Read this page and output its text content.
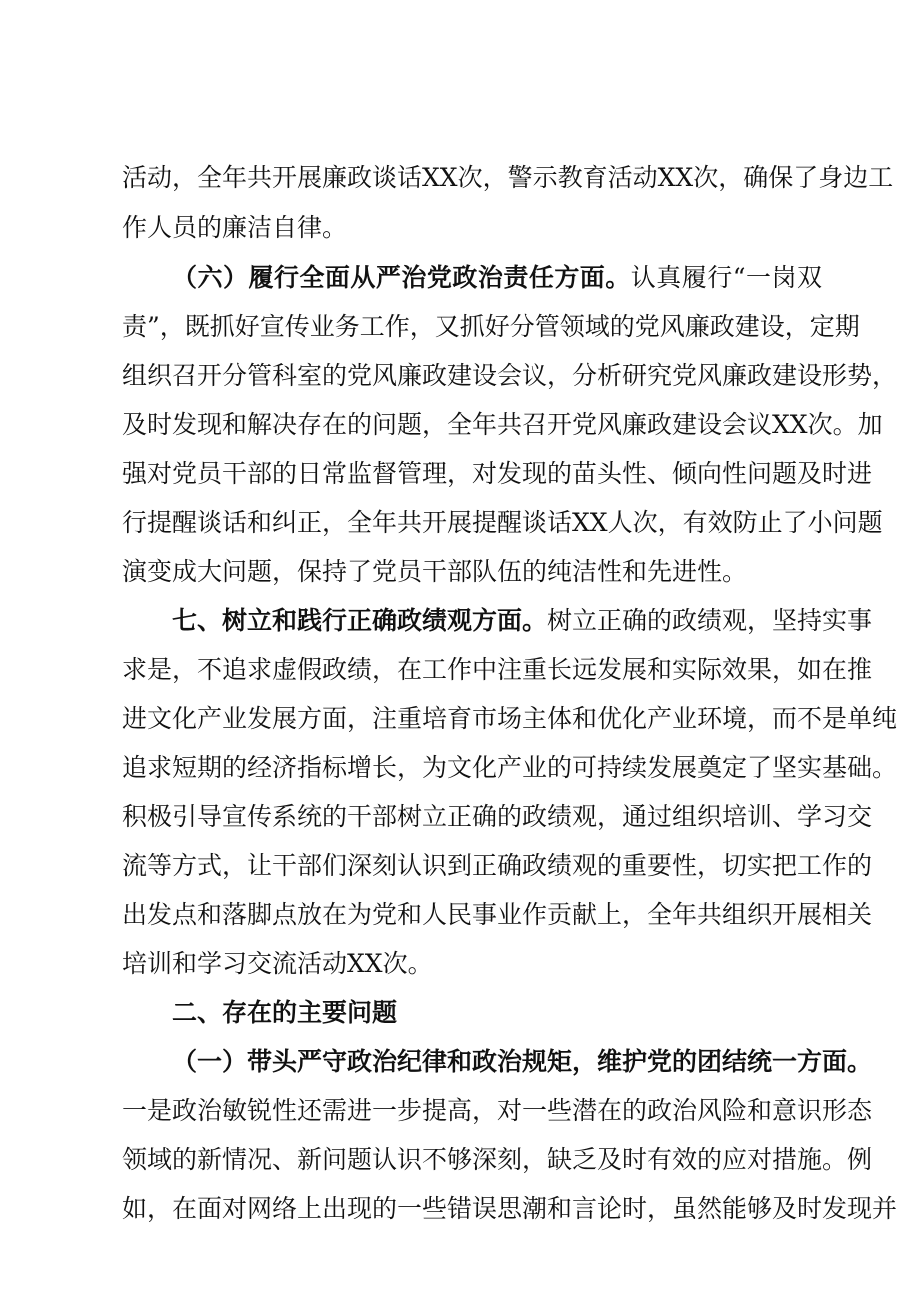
活动，全年共开展廉政谈话XX次，警示教育活动XX次，确保了身边工
作人员的廉洁自律。
（六）履行全面从严治党政治责任方面。认真履行“一岗双
责”，既抓好宣传业务工作，又抓好分管领域的党风廉政建设，定期
组织召开分管科室的党风廉政建设会议，分析研究党风廉政建设形势，
及时发现和解决存在的问题，全年共召开党风廉政建设会议XX次。加
强对党员干部的日常监督管理，对发现的苗头性、倾向性问题及时进
行提醒谈话和纠正，全年共开展提醒谈话XX人次，有效防止了小问题
演变成大问题，保持了党员干部队伍的纯洁性和先进性。
七、树立和践行正确政绩观方面。树立正确的政绩观，坚持实事
求是，不追求虚假政绩，在工作中注重长远发展和实际效果，如在推
进文化产业发展方面，注重培育市场主体和优化产业环境，而不是单纯
追求短期的经济指标增长，为文化产业的可持续发展奠定了坚实基础。
积极引导宣传系统的干部树立正确的政绩观，通过组织培训、学习交
流等方式，让干部们深刻认识到正确政绩观的重要性，切实把工作的
出发点和落脚点放在为党和人民事业作贡献上，全年共组织开展相关
培训和学习交流活动XX次。
二、存在的主要问题
（一）带头严守政治纪律和政治规矩，维护党的团结统一方面。
一是政治敏锐性还需进一步提高，对一些潜在的政治风险和意识形态
领域的新情况、新问题认识不够深刻，缺乏及时有效的应对措施。例
如，在面对网络上出现的一些错误思潮和言论时，虽然能够及时发现并
